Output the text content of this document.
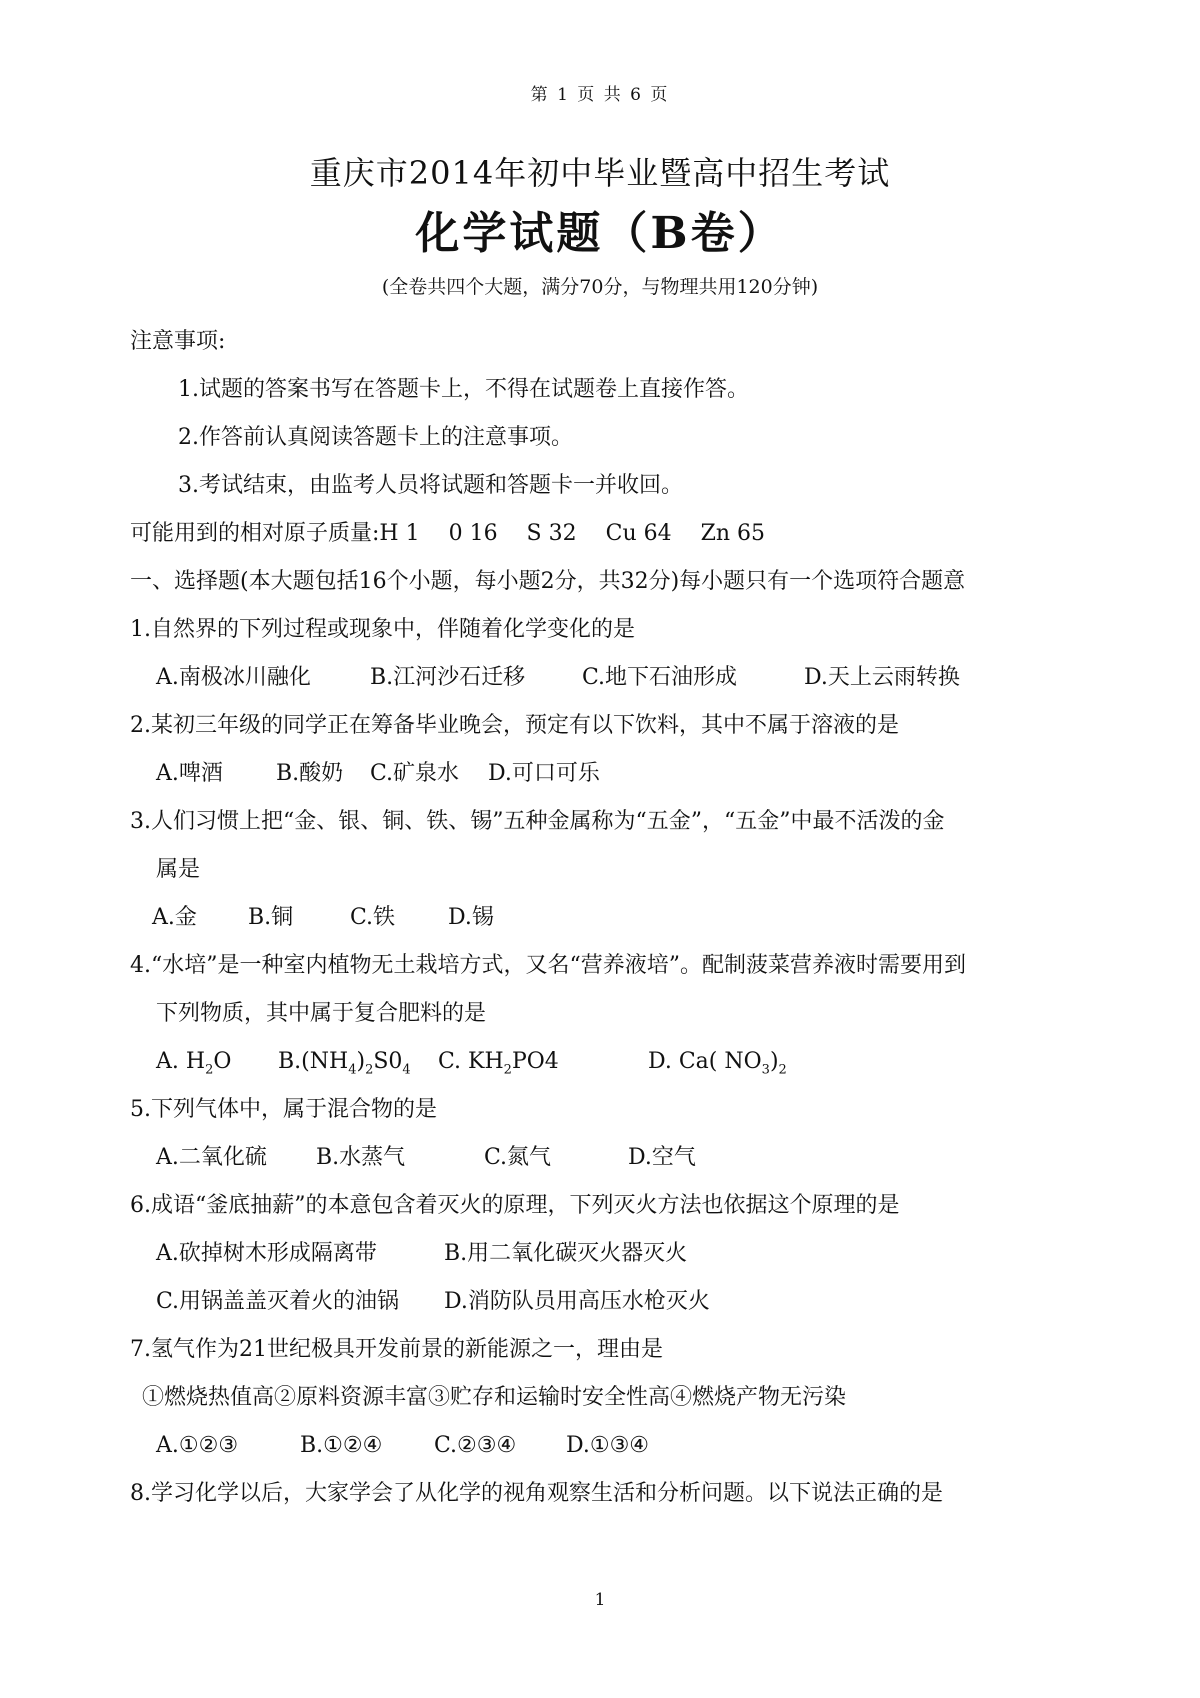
第 1 页 共 6 页
重庆市2014年初中毕业暨高中招生考试
化学试题（B卷）
(全卷共四个大题，满分70分，与物理共用120分钟)
注意事项:
1.试题的答案书写在答题卡上，不得在试题卷上直接作答。
2.作答前认真阅读答题卡上的注意事项。
3.考试结束，由监考人员将试题和答题卡一并收回。
可能用到的相对原子质量:H 1　 0 16　 S 32　 Cu 64　 Zn 65
一、选择题(本大题包括16个小题，每小题2分，共32分)每小题只有一个选项符合题意
1.自然界的下列过程或现象中，伴随着化学变化的是
A.南极冰川融化	B.江河沙石迁移	C.地下石油形成	D.天上云雨转换
2.某初三年级的同学正在筹备毕业晚会，预定有以下饮料，其中不属于溶液的是
A.啤酒 B.酸奶 C.矿泉水 D.可口可乐
3.人们习惯上把“金、银、铜、铁、锡”五种金属称为“五金”，“五金”中最不活泼的金
属是
A.金 B.铜	C.铁 D.锡
4.“水培”是一种室内植物无土栽培方式，又名“营养液培”。配制菠菜营养液时需要用到
下列物质，其中属于复合肥料的是
A. $H_2O$ $B.(NH_4)_2S0_4$ C. $KH_2PO4$	D. Ca( $NO_3)_2$
5.下列气体中，属于混合物的是
A.二氧化硫 B.水蒸气	C.氮气	D.空气
6.成语“釜底抽薪”的本意包含着灭火的原理，下列灭火方法也依据这个原理的是
A.砍掉树木形成隔离带	B.用二氧化碳灭火器灭火
C.用锅盖盖灭着火的油锅 D.消防队员用高压水枪灭火
7.氢气作为21世纪极具开发前景的新能源之一，理由是
①燃烧热值高②原料资源丰富③贮存和运输时安全性高④燃烧产物无污染
A.①②③	B.①②④ C.②③④ D.①③④
8.学习化学以后，大家学会了从化学的视角观察生活和分析问题。以下说法正确的是
1
